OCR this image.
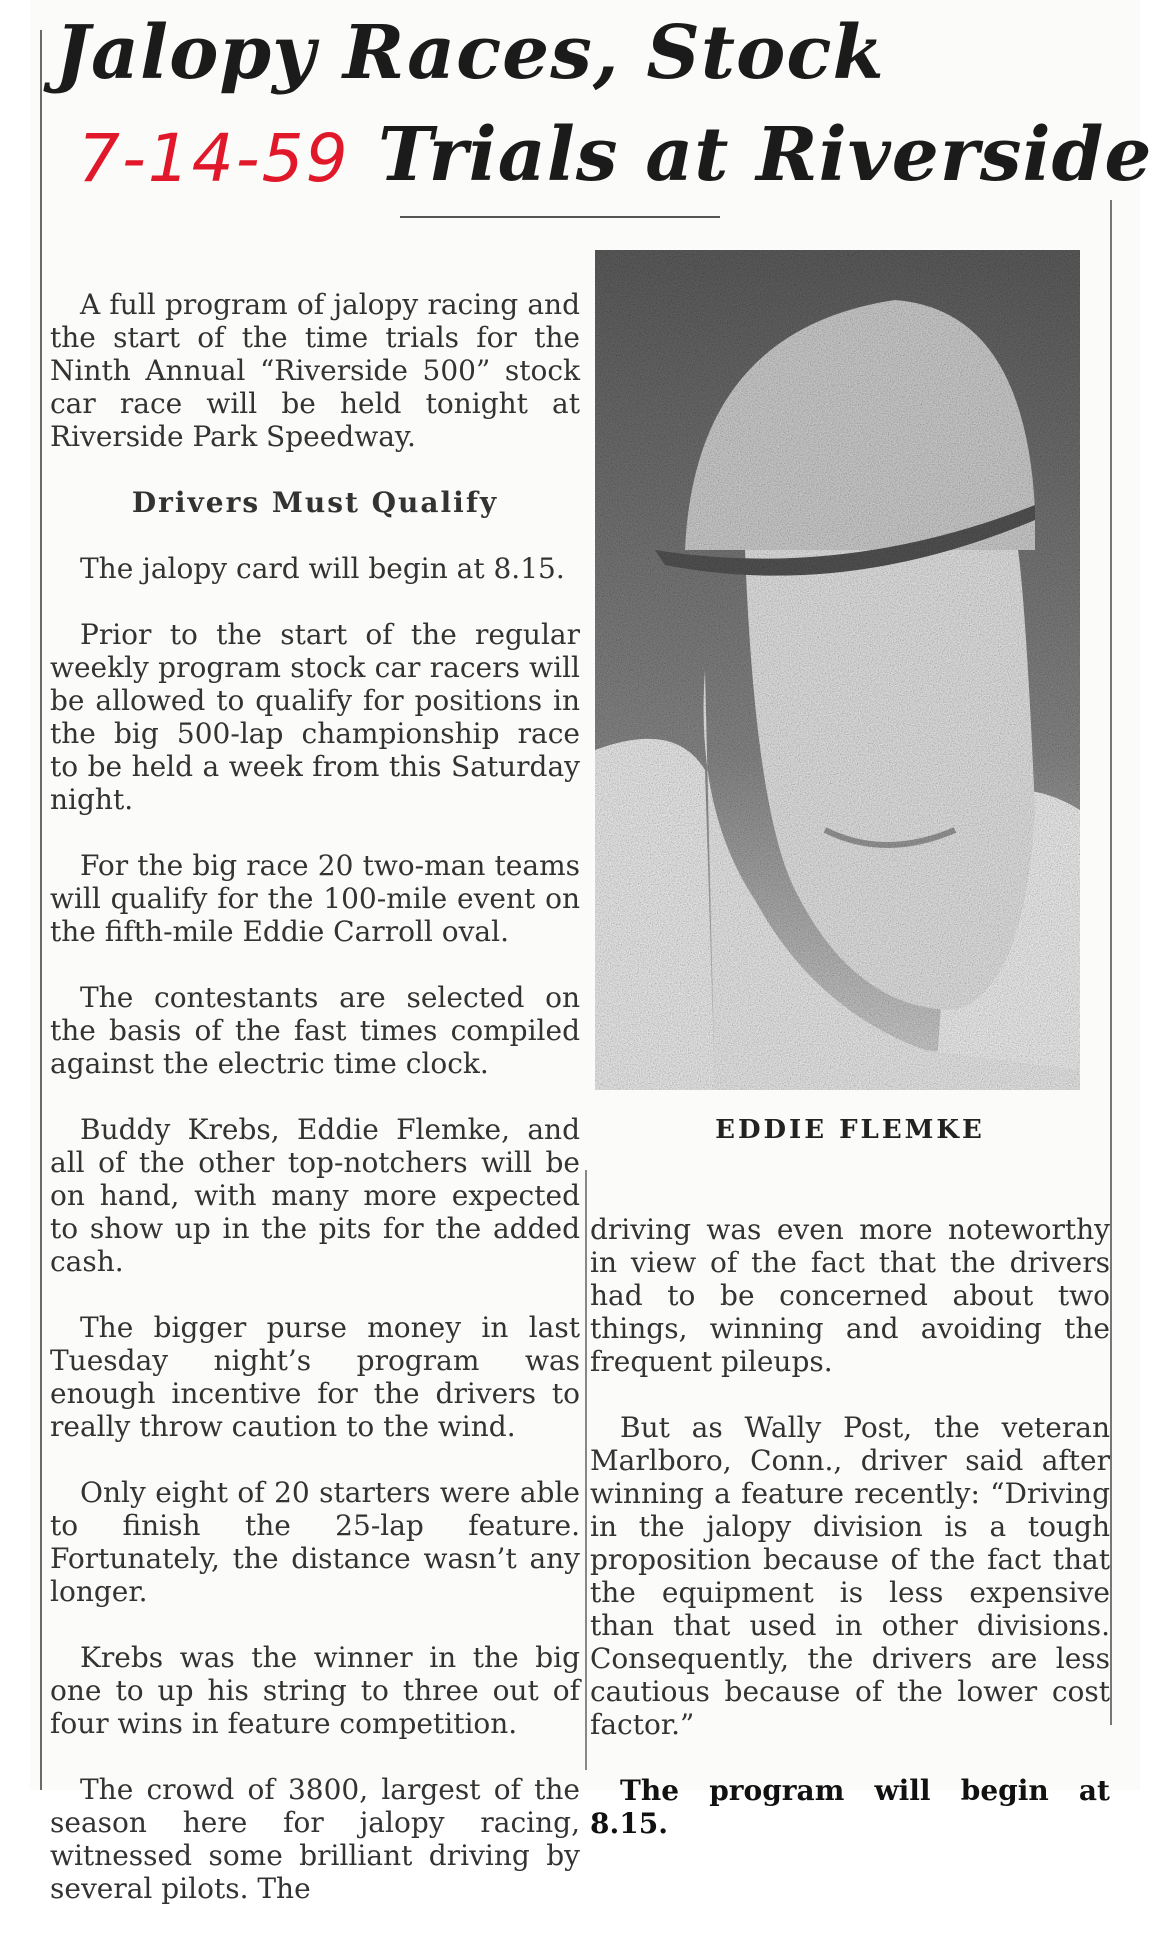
Jalopy Races, Stock
7-14-59 Trials at Riverside

A full program of jalopy racing and the start of the time trials for the Ninth Annual “Riverside 500” stock car race will be held tonight at Riverside Park Speedway.

Drivers Must Qualify

The jalopy card will begin at 8.15.

Prior to the start of the regular weekly program stock car racers will be allowed to qualify for positions in the big 500-lap championship race to be held a week from this Saturday night.

For the big race 20 two-man teams will qualify for the 100-mile event on the fifth-mile Eddie Carroll oval.

The contestants are selected on the basis of the fast times compiled against the electric time clock.

Buddy Krebs, Eddie Flemke, and all of the other top-notchers will be on hand, with many more expected to show up in the pits for the added cash.

The bigger purse money in last Tuesday night’s program was enough incentive for the drivers to really throw caution to the wind.

Only eight of 20 starters were able to finish the 25-lap feature. Fortunately, the distance wasn’t any longer.

Krebs was the winner in the big one to up his string to three out of four wins in feature competition.

The crowd of 3800, largest of the season here for jalopy racing, witnessed some brilliant driving by several pilots. The

EDDIE FLEMKE

driving was even more noteworthy in view of the fact that the drivers had to be concerned about two things, winning and avoiding the frequent pileups.

But as Wally Post, the veteran Marlboro, Conn., driver said after winning a feature recently: “Driving in the jalopy division is a tough proposition because of the fact that the equipment is less expensive than that used in other divisions. Consequently, the drivers are less cautious because of the lower cost factor.”

The program will begin at 8.15.
